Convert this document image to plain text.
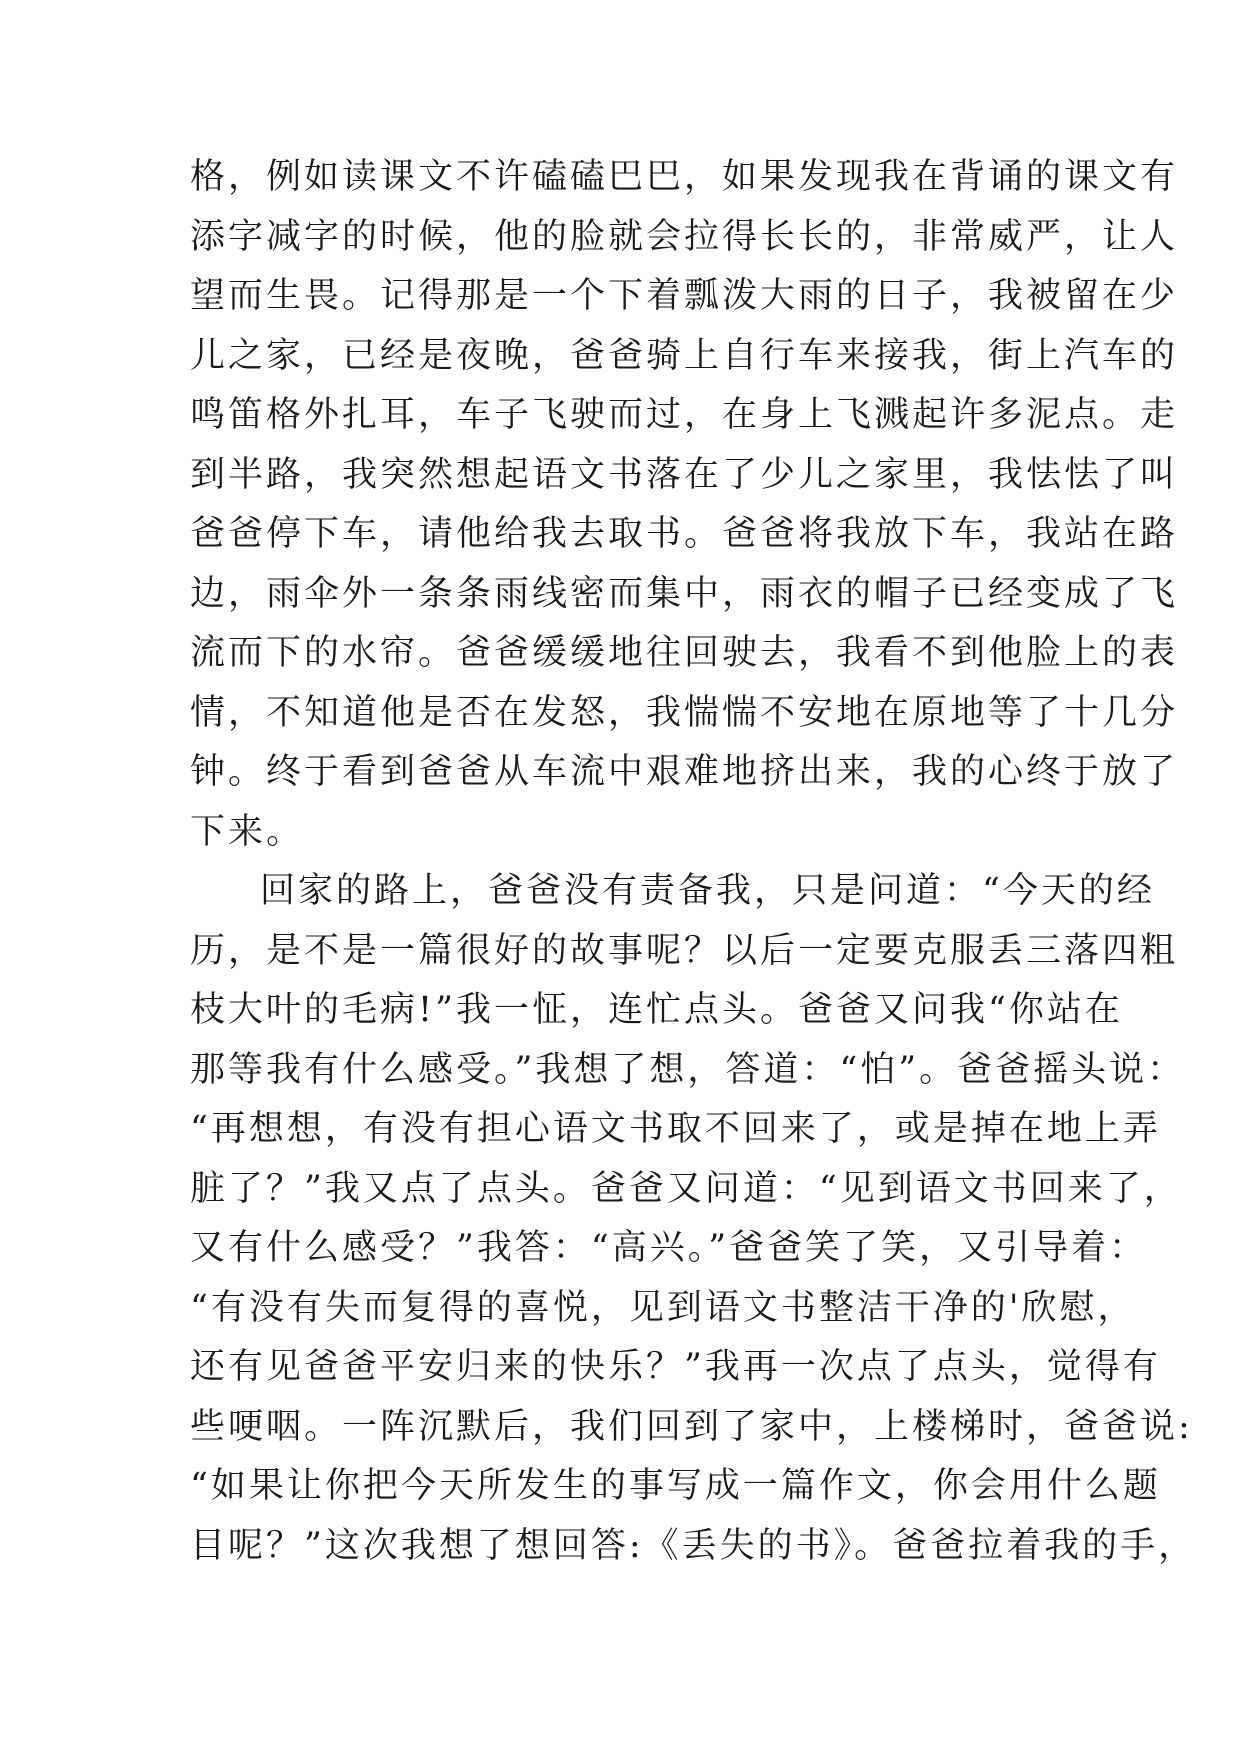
格，例如读课文不许磕磕巴巴，如果发现我在背诵的课文有
添字减字的时候，他的脸就会拉得长长的，非常威严，让人
望而生畏。记得那是一个下着瓢泼大雨的日子，我被留在少
儿之家，已经是夜晚，爸爸骑上自行车来接我，街上汽车的
鸣笛格外扎耳，车子飞驶而过，在身上飞溅起许多泥点。走
到半路，我突然想起语文书落在了少儿之家里，我怯怯了叫
爸爸停下车，请他给我去取书。爸爸将我放下车，我站在路
边，雨伞外一条条雨线密而集中，雨衣的帽子已经变成了飞
流而下的水帘。爸爸缓缓地往回驶去，我看不到他脸上的表
情，不知道他是否在发怒，我惴惴不安地在原地等了十几分
钟。终于看到爸爸从车流中艰难地挤出来，我的心终于放了
下来。
回家的路上，爸爸没有责备我，只是问道：“今天的经
历，是不是一篇很好的故事呢？以后一定要克服丢三落四粗
枝大叶的毛病!”我一怔，连忙点头。爸爸又问我“你站在
那等我有什么感受。”我想了想，答道：“怕”。爸爸摇头说：
“再想想，有没有担心语文书取不回来了，或是掉在地上弄
脏了？”我又点了点头。爸爸又问道：“见到语文书回来了，
又有什么感受？”我答：“高兴。”爸爸笑了笑，又引导着：
“有没有失而复得的喜悦，见到语文书整洁干净的'欣慰，
还有见爸爸平安归来的快乐？”我再一次点了点头，觉得有
些哽咽。一阵沉默后，我们回到了家中，上楼梯时，爸爸说:
“如果让你把今天所发生的事写成一篇作文，你会用什么题
目呢？”这次我想了想回答:《丢失的书》。爸爸拉着我的手，
